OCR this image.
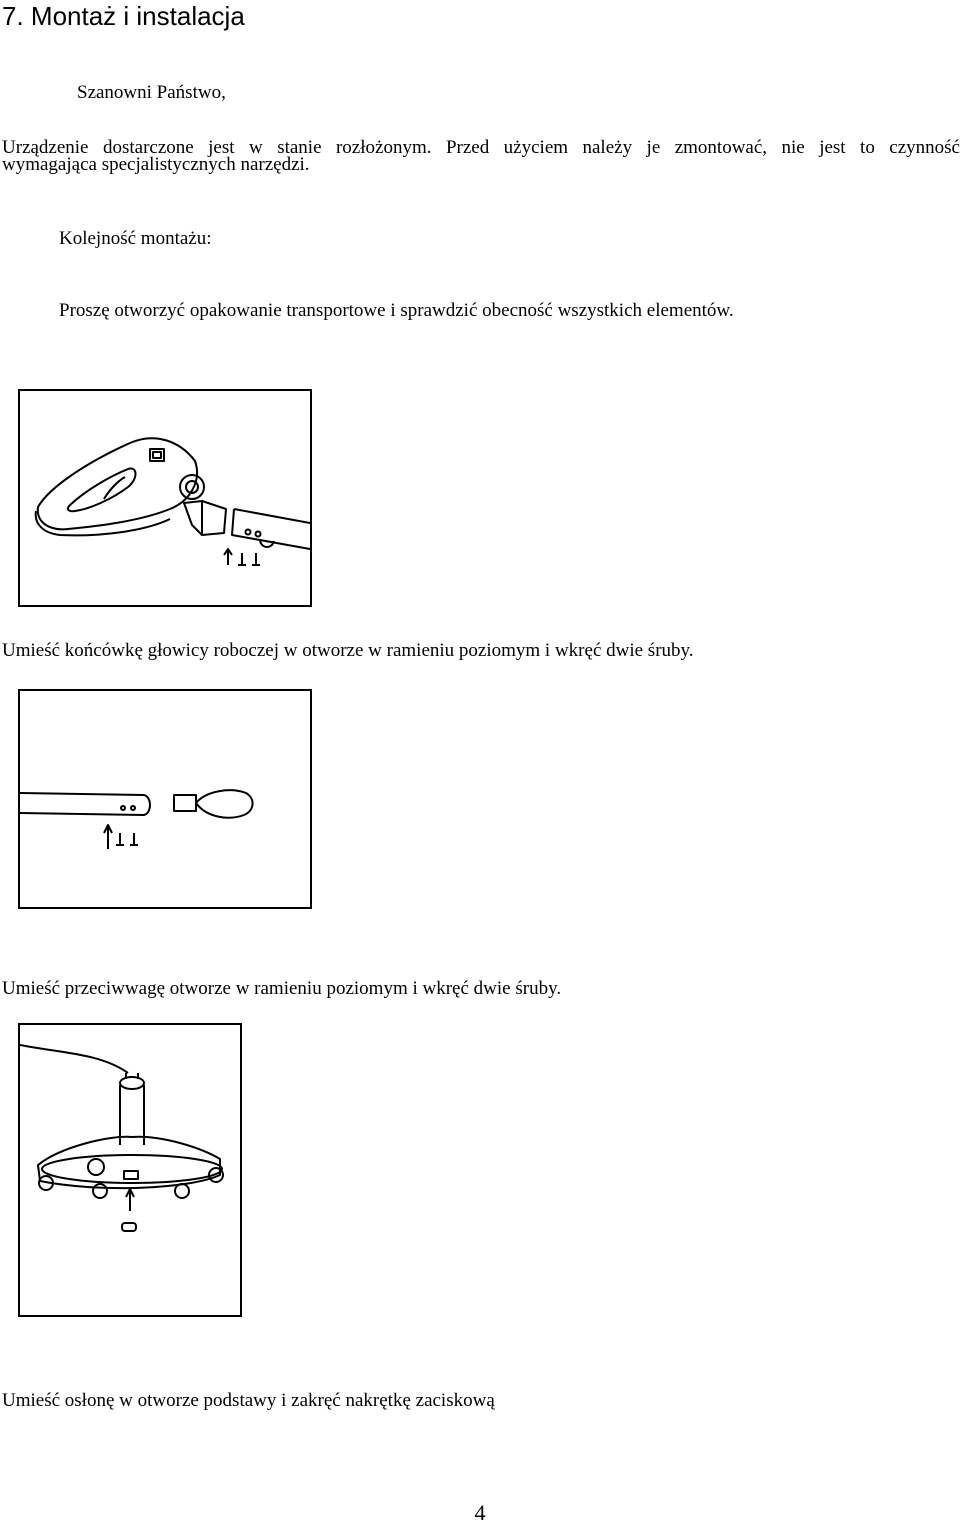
7. Montaż i instalacja

Szanowni Państwo,

Urządzenie dostarczone jest w stanie rozłożonym. Przed użyciem należy je zmontować, nie jest to czynność

wymagająca specjalistycznych narzędzi.

Kolejność montażu:

Proszę otworzyć opakowanie transportowe i sprawdzić obecność wszystkich elementów.

Umieść końcówkę głowicy roboczej w otworze w ramieniu poziomym i wkręć dwie śruby.

Umieść przeciwwagę otworze w ramieniu poziomym i wkręć dwie śruby.

Umieść osłonę w otworze podstawy i zakręć nakrętkę zaciskową

4
